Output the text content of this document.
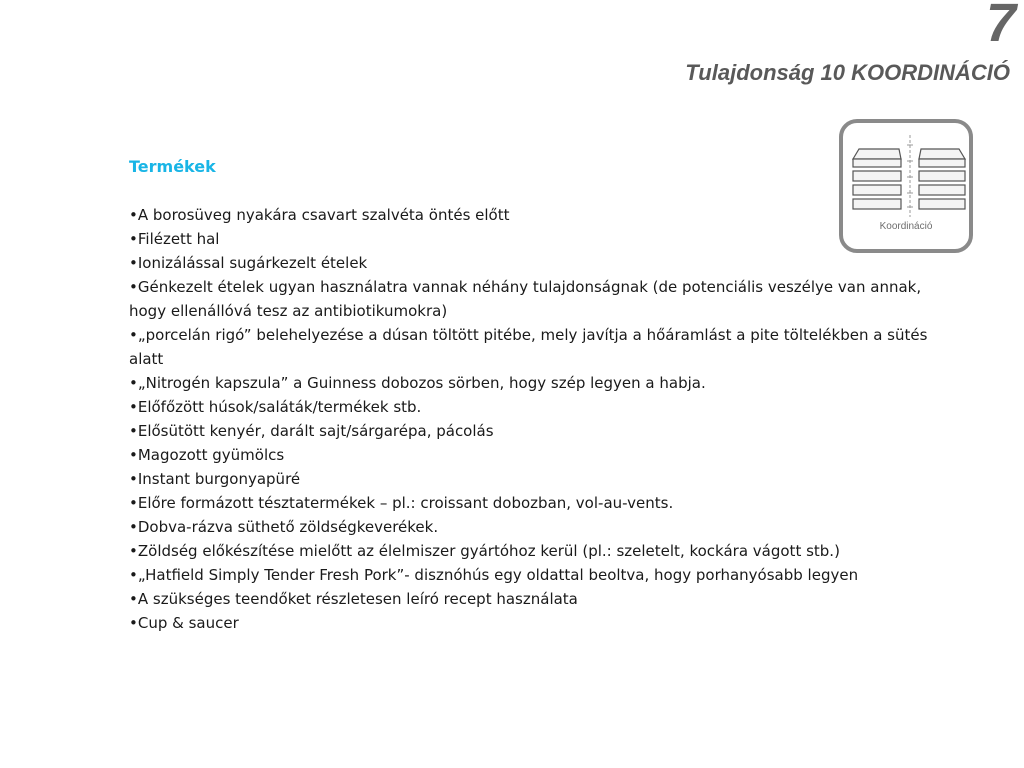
7
Tulajdonság 10 KOORDINÁCIÓ
Koordináció
Termékek
• A borosüveg nyakára csavart szalvéta öntés előtt
• Filézett hal
• Ionizálással sugárkezelt ételek
• Génkezelt ételek ugyan használatra vannak néhány tulajdonságnak (de potenciális veszélye van annak, hogy ellenállóvá tesz az antibiotikumokra)
• „porcelán rigó” belehelyezése a dúsan töltött pitébe, mely javítja a hőáramlást a pite töltelékben a sütés alatt
• „Nitrogén kapszula” a Guinness dobozos sörben, hogy szép legyen a habja.
• Előfőzött húsok/saláták/termékek stb.
• Elősütött kenyér, darált sajt/sárgarépa, pácolás
• Magozott gyümölcs
• Instant burgonyapüré
• Előre formázott tésztatermékek – pl.: croissant dobozban, vol-au-vents.
• Dobva-rázva süthető zöldségkeverékek.
• Zöldség előkészítése mielőtt az élelmiszer gyártóhoz kerül (pl.: szeletelt, kockára vágott stb.)
• „Hatfield Simply Tender Fresh Pork”- disznóhús egy oldattal beoltva, hogy porhanyósabb legyen
• A szükséges teendőket részletesen leíró recept használata
• Cup & saucer
